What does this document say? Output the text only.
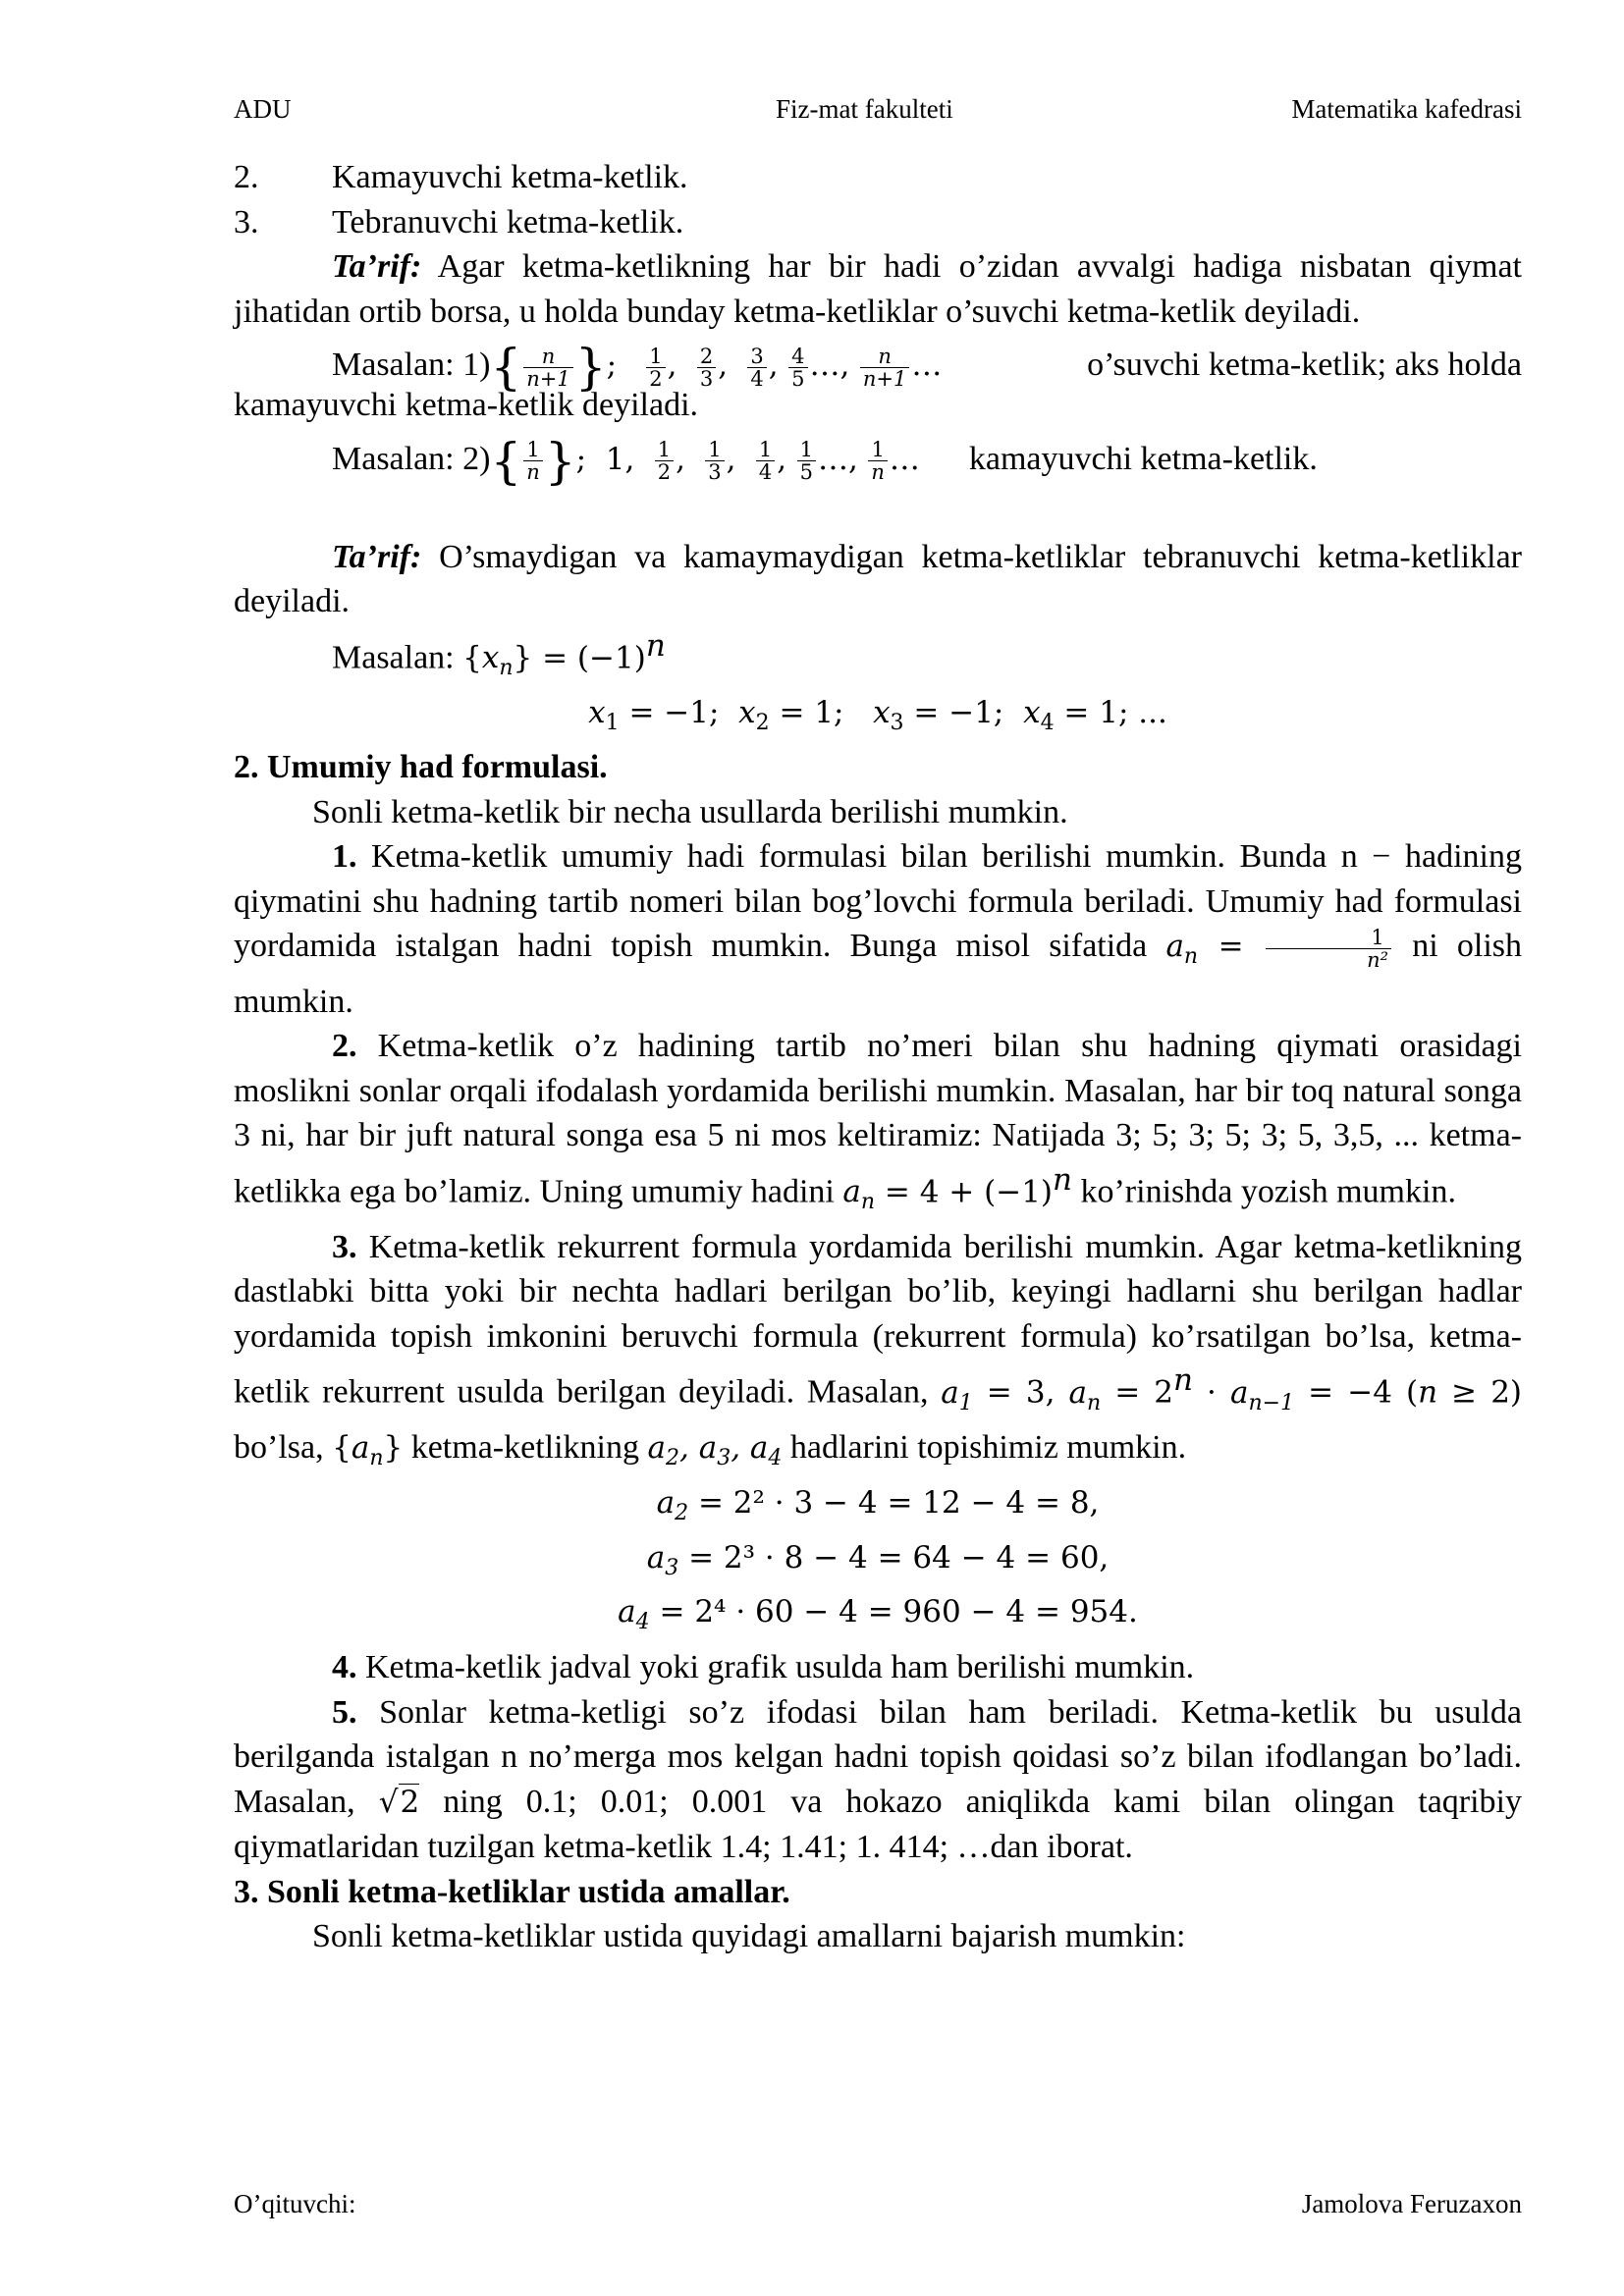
ADU	Fiz-mat fakulteti	Matematika kafedrasi
2.	Kamayuvchi ketma-ketlik.
3.	Tebranuvchi ketma-ketlik.

Ta’rif: Agar ketma-ketlikning har bir hadi o’zidan avvalgi hadiga nisbatan qiymat jihatidan ortib borsa, u holda bunday ketma-ketliklar o’suvchi ketma-ketlik deyiladi.

Masalan: 1) { $\frac{n}{n+1}$ }; $\frac{1}{2}$ , $\frac{2}{3}$ , $\frac{3}{4}$ , $\frac{4}{5}$ …, $\frac{n}{n+1}$ …	o’suvchi ketma-ketlik; aks holda

kamayuvchi ketma-ketlik deyiladi.

Masalan: 2) { $\frac{1}{n}$ };  1, $\frac{1}{2}$ , $\frac{1}{3}$ , $\frac{1}{4}$ , $\frac{1}{5}$ …, $\frac{1}{n}$ … kamayuvchi ketma-ketlik.

Ta’rif: O’smaydigan va kamaymaydigan ketma-ketliklar tebranuvchi ketma-ketliklar deyiladi.

Masalan: $\{x_n\} = (-1)^n$

$x_1 = -1$;  $x_2 = 1$;   $x_3 = -1$;  $x_4 = 1$; ...

2. Umumiy had formulasi.

Sonli ketma-ketlik bir necha usullarda berilishi mumkin.

1. Ketma-ketlik umumiy hadi formulasi bilan berilishi mumkin. Bunda n − hadining qiymatini shu hadning tartib nomeri bilan bog’lovchi formula beriladi. Umumiy had formulasi yordamida istalgan hadni topish mumkin. Bunga misol sifatida $a_n = \frac{1}{\text{n²}}$ ni olish mumkin.

2. Ketma-ketlik o’z hadining tartib no’meri bilan shu hadning qiymati orasidagi moslikni sonlar orqali ifodalash yordamida berilishi mumkin. Masalan, har bir toq natural songa 3 ni, har bir juft natural songa esa 5 ni mos keltiramiz: Natijada 3; 5; 3; 5; 3; 5, 3,5, ... ketma-ketlikka ega bo’lamiz. Uning umumiy hadini $a_n = 4 + (-1)^n$ ko’rinishda yozish mumkin.

3. Ketma-ketlik rekurrent formula yordamida berilishi mumkin. Agar ketma-ketlikning dastlabki bitta yoki bir nechta hadlari berilgan bo’lib, keyingi hadlarni shu berilgan hadlar yordamida topish imkonini beruvchi formula (rekurrent formula) ko’rsatilgan bo’lsa, ketma-ketlik rekurrent usulda berilgan deyiladi. Masalan, $a_1 = 3$, $a_n = 2^n \cdot a_{n-1} = -4$ (n ≥ 2) bo’lsa, $\{a_n\}$ ketma-ketlikning $a_2$, $a_3$, $a_4$ hadlarini topishimiz mumkin.

$a_2 = 2^2 \cdot 3 - 4 = 12 - 4 = 8$,

$a_3 = 2^3 \cdot 8 - 4 = 64 - 4 = 60$,

$a_4 = 2^4 \cdot 60 - 4 = 960 - 4 = 954$.

4. Ketma-ketlik jadval yoki grafik usulda ham berilishi mumkin.

5. Sonlar ketma-ketligi so’z ifodasi bilan ham beriladi. Ketma-ketlik bu usulda berilganda istalgan n no’merga mos kelgan hadni topish qoidasi so’z bilan ifodlangan bo’ladi. Masalan, √2 ning 0.1; 0.01; 0.001 va hokazo aniqlikda kami bilan olingan taqribiy qiymatlaridan tuzilgan ketma-ketlik 1.4; 1.41; 1. 414; …dan iborat.

3. Sonli ketma-ketliklar ustida amallar.

Sonli ketma-ketliklar ustida quyidagi amallarni bajarish mumkin:

O’qituvchi:	Jamolova Feruzaxon
